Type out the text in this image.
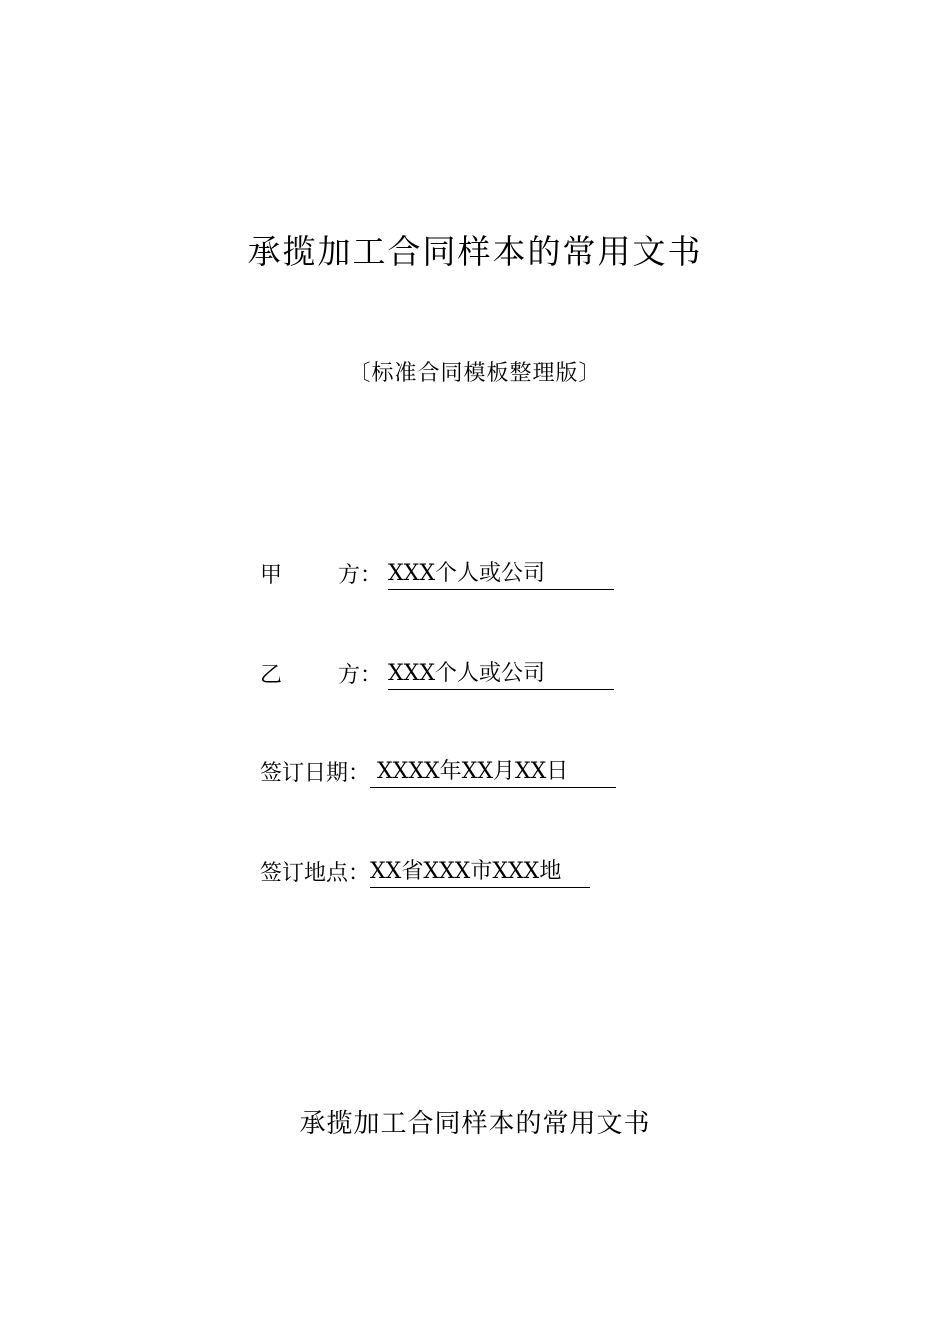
承揽加工合同样本的常用文书
〔标准合同模板整理版〕
甲	方： XXX个人或公司
乙	方： XXX个人或公司
签订日期： XXXX年XX月XX日
签订地点：XX省XXX市XXX地
承揽加工合同样本的常用文书
